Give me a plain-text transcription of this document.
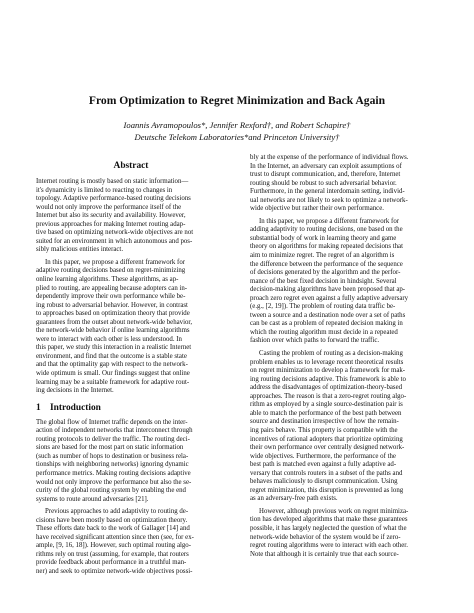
From Optimization to Regret Minimization and Back Again
Ioannis Avramopoulos*, Jennifer Rexford†, and Robert Schapire†
Deutsche Telekom Laboratories*and Princeton University†
Abstract
Internet routing is mostly based on static information—
it's dynamicity is limited to reacting to changes in
topology. Adaptive performance-based routing decisions
would not only improve the performance itself of the
Internet but also its security and availability. However,
previous approaches for making Internet routing adap-
tive based on optimizing network-wide objectives are not
suited for an environment in which autonomous and pos-
sibly malicious entities interact.
In this paper, we propose a different framework for
adaptive routing decisions based on regret-minimizing
online learning algorithms. These algorithms, as ap-
plied to routing, are appealing because adopters can in-
dependently improve their own performance while be-
ing robust to adversarial behavior. However, in contrast
to approaches based on optimization theory that provide
guarantees from the outset about network-wide behavior,
the network-wide behavior if online learning algorithms
were to interact with each other is less understood. In
this paper, we study this interaction in a realistic Internet
environment, and find that the outcome is a stable state
and that the optimality gap with respect to the network-
wide optimum is small. Our findings suggest that online
learning may be a suitable framework for adaptive rout-
ing decisions in the Internet.
1 Introduction
The global flow of Internet traffic depends on the inter-
action of independent networks that interconnect through
routing protocols to deliver the traffic. The routing deci-
sions are based for the most part on static information
(such as number of hops to destination or business rela-
tionships with neighboring networks) ignoring dynamic
performance metrics. Making routing decisions adaptive
would not only improve the performance but also the se-
curity of the global routing system by enabling the end
systems to route around adversaries [21].
Previous approaches to add adaptivity to routing de-
cisions have been mostly based on optimization theory.
These efforts date back to the work of Gallager [14] and
have received significant attention since then (see, for ex-
ample, [9, 16, 18]). However, such optimal routing algo-
rithms rely on trust (assuming, for example, that routers
provide feedback about performance in a truthful man-
ner) and seek to optimize network-wide objectives possi-
bly at the expense of the performance of individual flows.
In the Internet, an adversary can exploit assumptions of
trust to disrupt communication, and, therefore, Internet
routing should be robust to such adversarial behavior.
Furthermore, in the general interdomain setting, individ-
ual networks are not likely to seek to optimize a network-
wide objective but rather their own performance.
In this paper, we propose a different framework for
adding adaptivity to routing decisions, one based on the
substantial body of work in learning theory and game
theory on algorithms for making repeated decisions that
aim to minimize regret. The regret of an algorithm is
the difference between the performance of the sequence
of decisions generated by the algorithm and the perfor-
mance of the best fixed decision in hindsight. Several
decision-making algorithms have been proposed that ap-
proach zero regret even against a fully adaptive adversary
(e.g., [2, 19]). The problem of routing data traffic be-
tween a source and a destination node over a set of paths
can be cast as a problem of repeated decision making in
which the routing algorithm must decide in a repeated
fashion over which paths to forward the traffic.
Casting the problem of routing as a decision-making
problem enables us to leverage recent theoretical results
on regret minimization to develop a framework for mak-
ing routing decisions adaptive. This framework is able to
address the disadvantages of optimization-theory-based
approaches. The reason is that a zero-regret routing algo-
rithm as employed by a single source-destination pair is
able to match the performance of the best path between
source and destination irrespective of how the remain-
ing pairs behave. This property is compatible with the
incentives of rational adopters that prioritize optimizing
their own performance over centrally designed network-
wide objectives. Furthermore, the performance of the
best path is matched even against a fully adaptive ad-
versary that controls routers in a subset of the paths and
behaves maliciously to disrupt communication. Using
regret minimization, this disruption is prevented as long
as an adversary-free path exists.
However, although previous work on regret minimiza-
tion has developed algorithms that make these guarantees
possible, it has largely neglected the question of what the
network-wide behavior of the system would be if zero-
regret routing algorithms were to interact with each other.
Note that although it is certainly true that each source-
